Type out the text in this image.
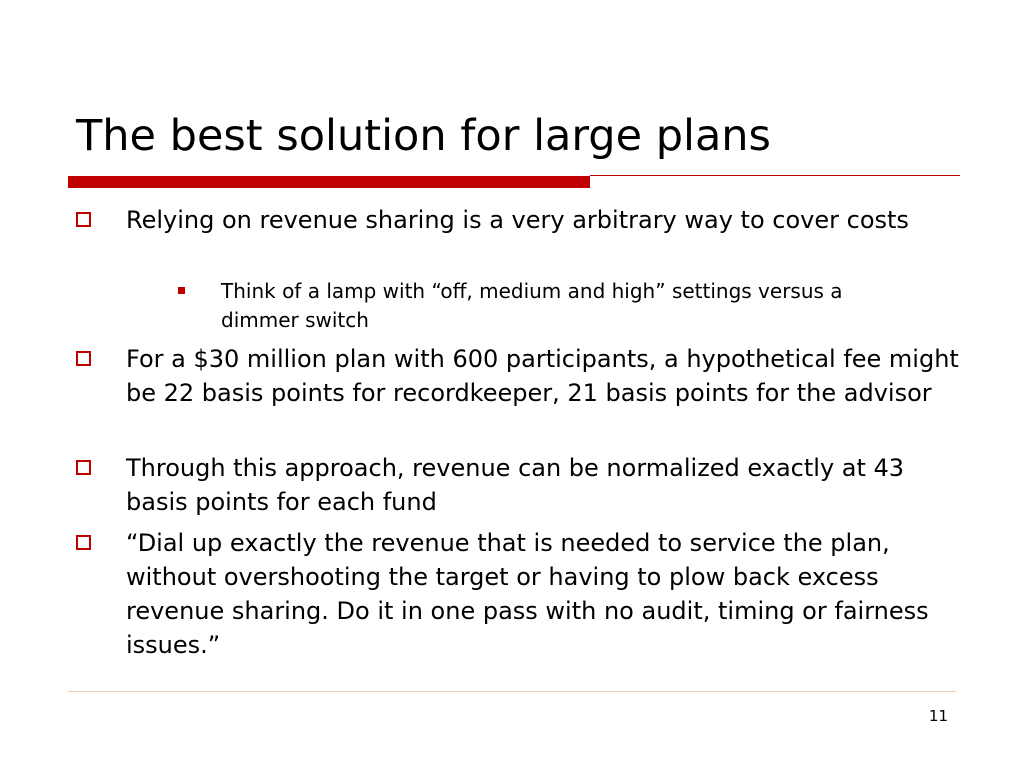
The best solution for large plans
Relying on revenue sharing is a very arbitrary way to cover costs
Think of a lamp with “off, medium and high” settings versus a dimmer switch
For a $30 million plan with 600 participants, a hypothetical fee might be 22 basis points for recordkeeper, 21 basis points for the advisor
Through this approach, revenue can be normalized exactly at 43 basis points for each fund
“Dial up exactly the revenue that is needed to service the plan, without overshooting the target or having to plow back excess revenue sharing. Do it in one pass with no audit, timing or fairness issues.”
11
